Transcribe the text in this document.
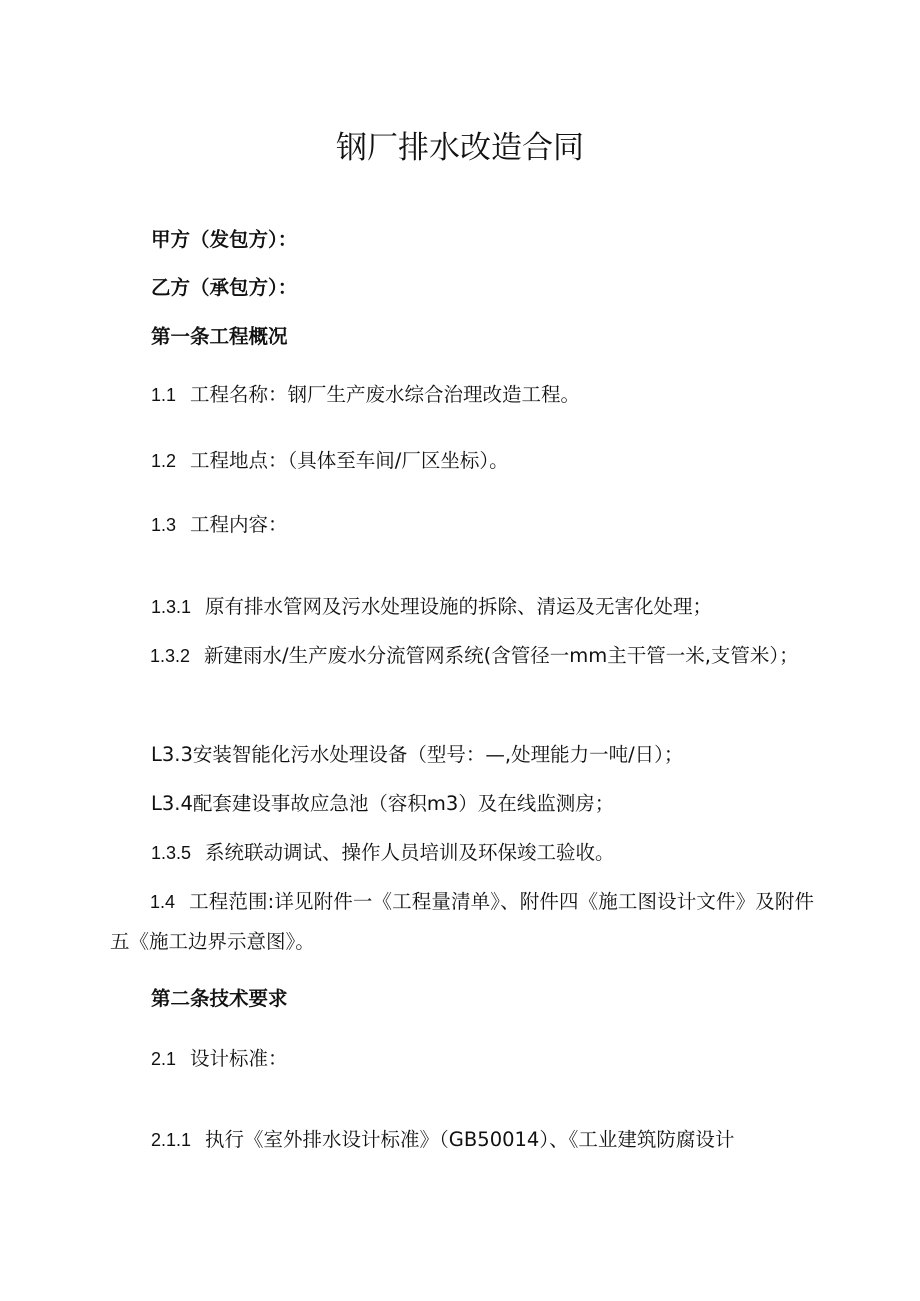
钢厂排水改造合同
甲方（发包方）：
乙方（承包方）：
第一条工程概况
1.1 工程名称：钢厂生产废水综合治理改造工程。
1.2 工程地点：（具体至车间/厂区坐标）。
1.3 工程内容：
1.3.1 原有排水管网及污水处理设施的拆除、清运及无害化处理；
1.3.2 新建雨水/生产废水分流管网系统(含管径一mm主干管一米,支管米）；
L3.3安装智能化污水处理设备（型号：—,处理能力一吨/日）；
L3.4配套建设事故应急池（容积m3）及在线监测房；
1.3.5 系统联动调试、操作人员培训及环保竣工验收。
1.4 工程范围:详见附件一《工程量清单》、附件四《施工图设计文件》及附件五《施工边界示意图》。
第二条技术要求
2.1 设计标准：
2.1.1 执行《室外排水设计标准》（GB50014）、《工业建筑防腐设计
